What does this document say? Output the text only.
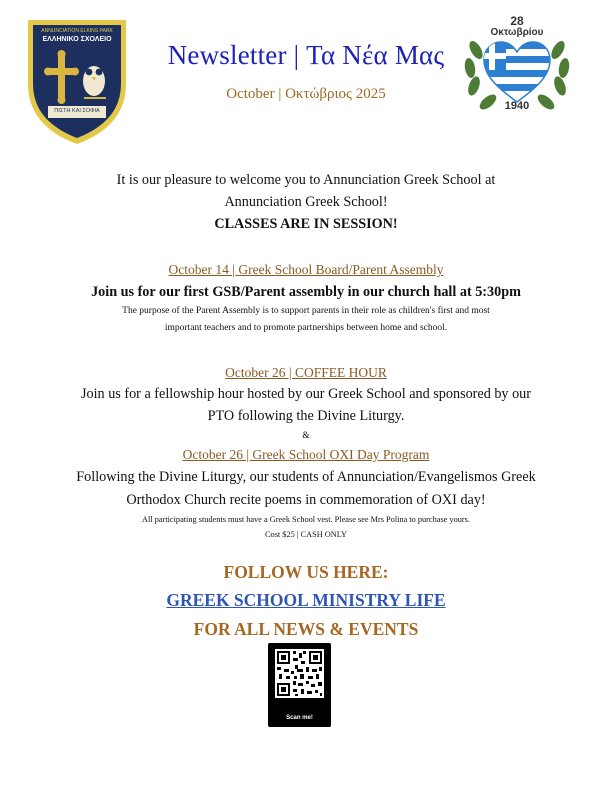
ANNUNCIATION ELKINS PARK
ΕΛΛΗΝΙΚΟ ΣΧΟΛΕΙΟ
ΠΙΣΤΗ ΚΑΙ ΣΟΦΙΑ
28
Οκτωβρίου
1940
Newsletter | Τα Νέα Μας
October | Οκτώβριος 2025
It is our pleasure to welcome you to Annunciation Greek School at
Annunciation Greek School!
CLASSES ARE IN SESSION!
October 14 | Greek School Board/Parent Assembly
Join us for our first GSB/Parent assembly in our church hall at 5:30pm
The purpose of the Parent Assembly is to support parents in their role as children's first and most
important teachers and to promote partnerships between home and school.
October 26 | COFFEE HOUR
Join us for a fellowship hour hosted by our Greek School and sponsored by our
PTO following the Divine Liturgy.
&
October 26 | Greek School OXI Day Program
Following the Divine Liturgy, our students of Annunciation/Evangelismos Greek
Orthodox Church recite poems in commemoration of OXI day!
All participating students must have a Greek School vest. Please see Mrs Polina to purchase yours.
Cost $25 | CASH ONLY
FOLLOW US HERE:
GREEK SCHOOL MINISTRY LIFE
FOR ALL NEWS & EVENTS
Scan me!
